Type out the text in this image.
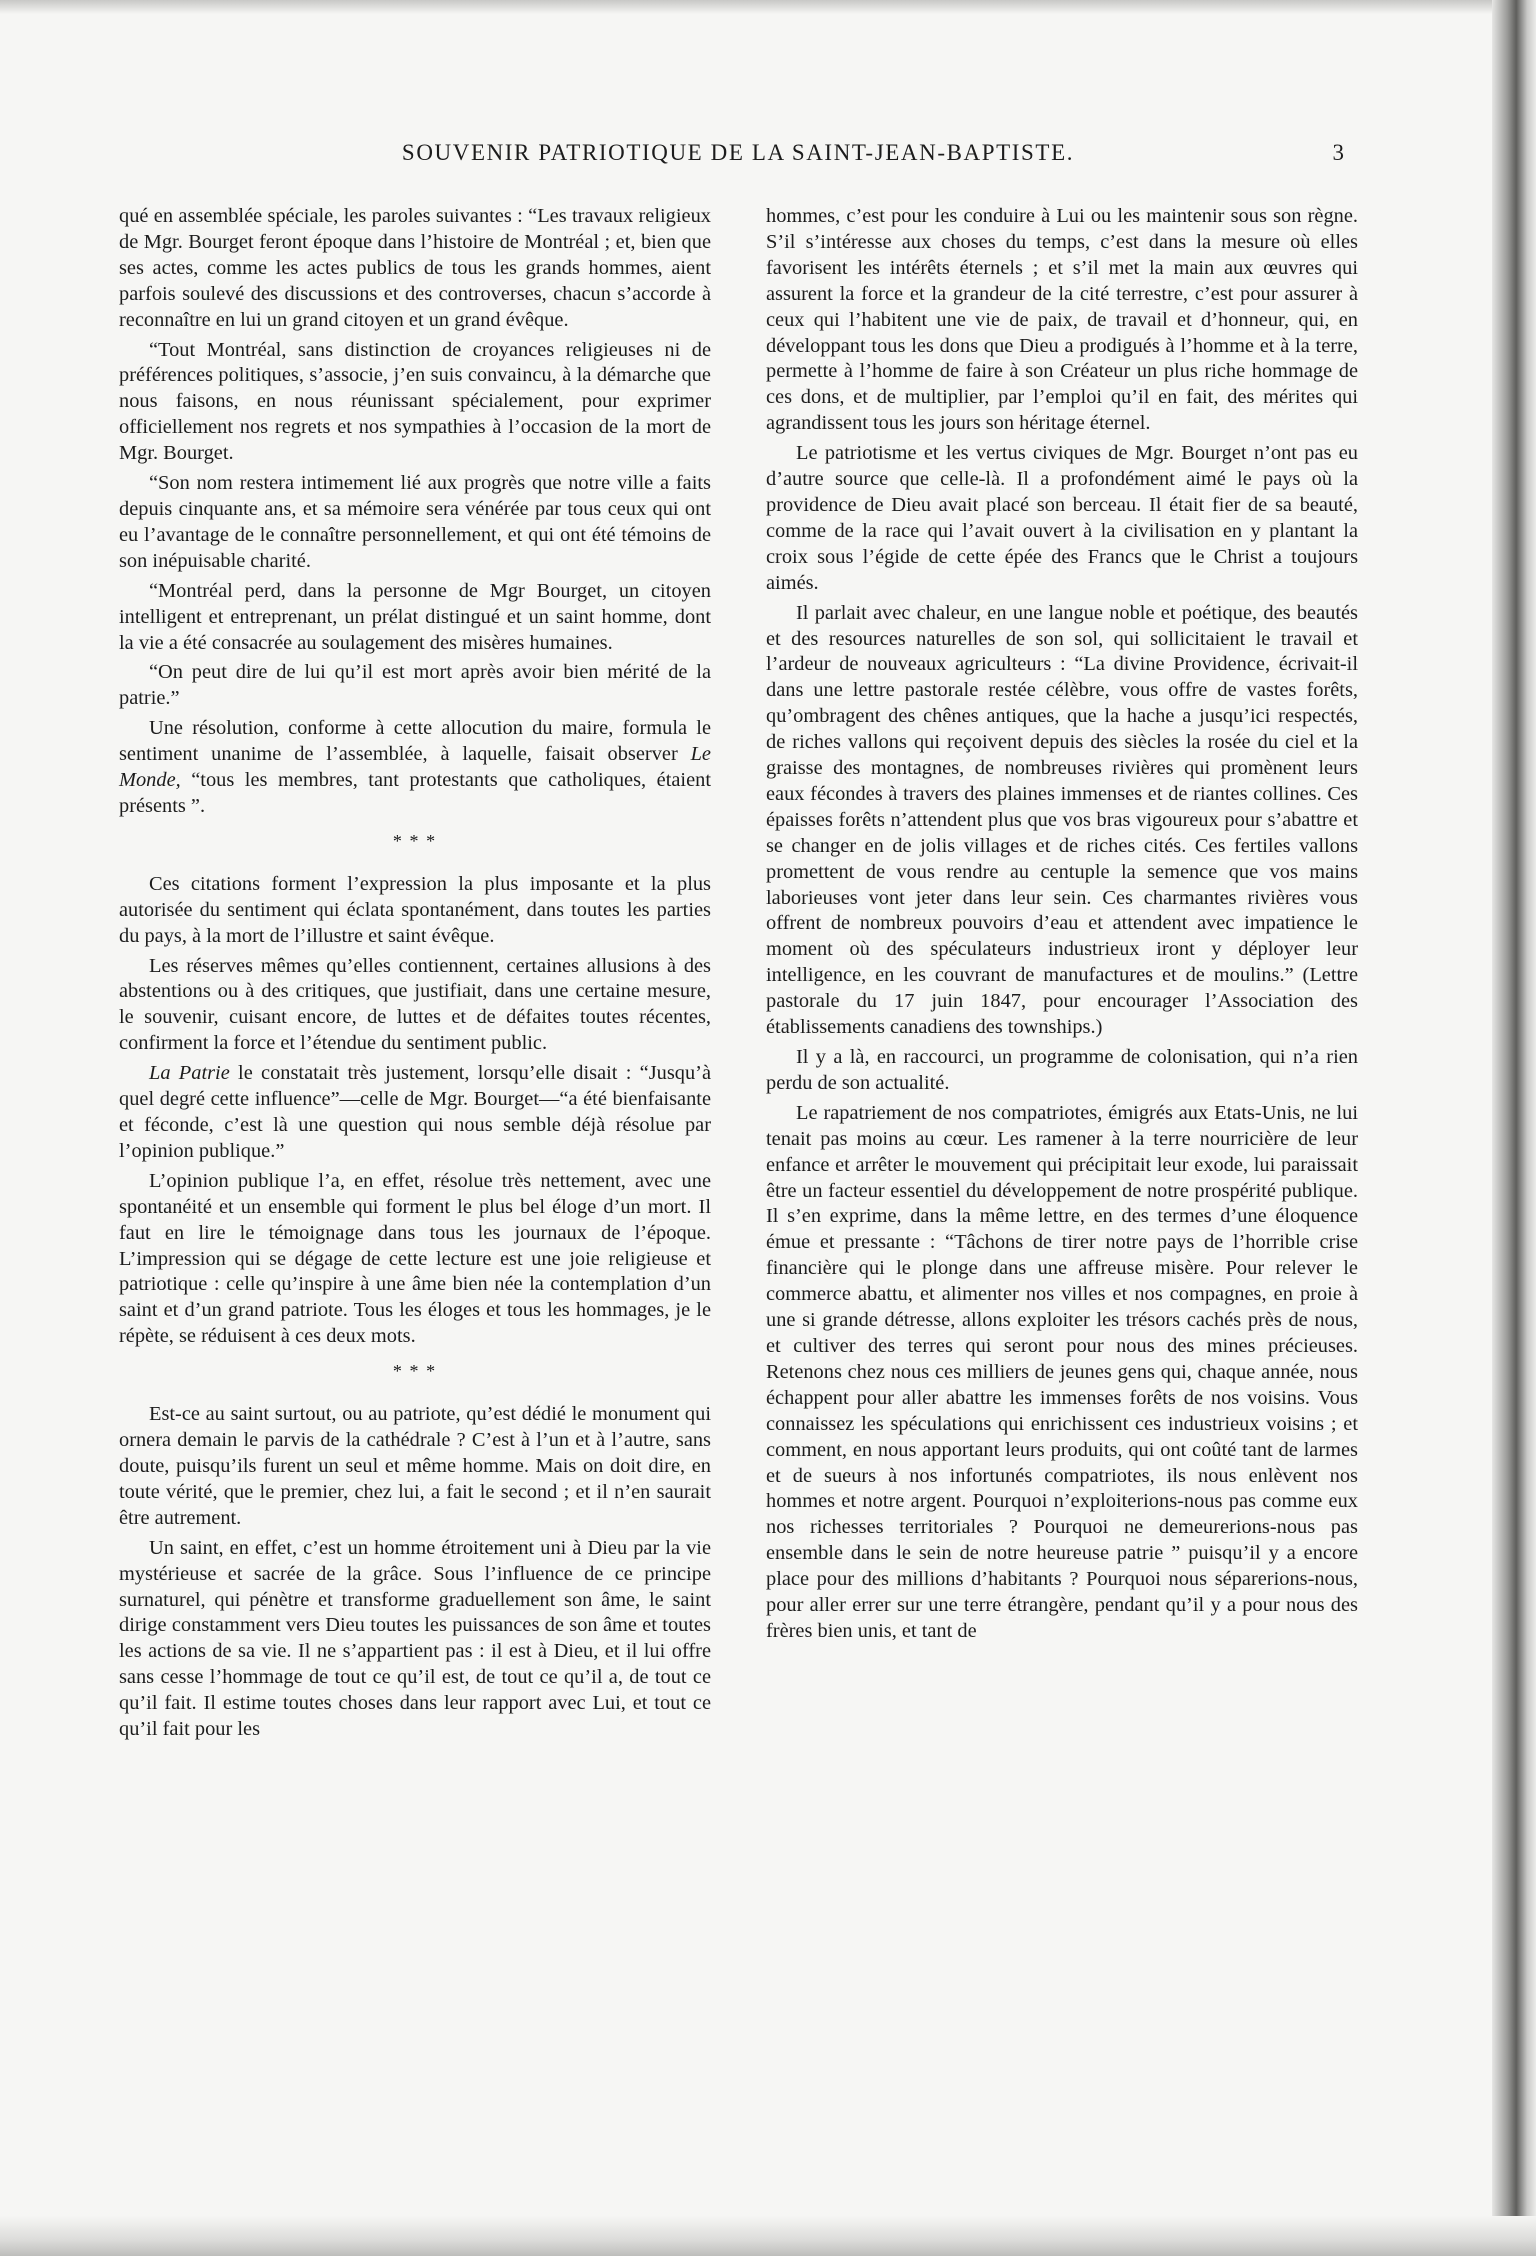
SOUVENIR PATRIOTIQUE DE LA SAINT-JEAN-BAPTISTE.	3

qué en assemblée spéciale, les paroles suivantes : “Les travaux religieux de Mgr. Bourget feront époque dans l’histoire de Montréal ; et, bien que ses actes, comme les actes publics de tous les grands hommes, aient parfois soulevé des discussions et des controverses, chacun s’accorde à reconnaître en lui un grand citoyen et un grand évêque.

“Tout Montréal, sans distinction de croyances religieuses ni de préférences politiques, s’associe, j’en suis convaincu, à la démarche que nous faisons, en nous réunissant spécialement, pour exprimer officiellement nos regrets et nos sympathies à l’occasion de la mort de Mgr. Bourget.

“Son nom restera intimement lié aux progrès que notre ville a faits depuis cinquante ans, et sa mémoire sera vénérée par tous ceux qui ont eu l’avantage de le connaître personnellement, et qui ont été témoins de son inépuisable charité.

“Montréal perd, dans la personne de Mgr Bourget, un citoyen intelligent et entreprenant, un prélat distingué et un saint homme, dont la vie a été consacrée au soulagement des misères humaines.

“On peut dire de lui qu’il est mort après avoir bien mérité de la patrie.”

Une résolution, conforme à cette allocution du maire, formula le sentiment unanime de l’assemblée, à laquelle, faisait observer Le Monde, “tous les membres, tant protestants que catholiques, étaient présents ”.

* * *

Ces citations forment l’expression la plus imposante et la plus autorisée du sentiment qui éclata spontanément, dans toutes les parties du pays, à la mort de l’illustre et saint évêque.

Les réserves mêmes qu’elles contiennent, certaines allusions à des abstentions ou à des critiques, que justifiait, dans une certaine mesure, le souvenir, cuisant encore, de luttes et de défaites toutes récentes, confirment la force et l’étendue du sentiment public.

La Patrie le constatait très justement, lorsqu’elle disait : “Jusqu’à quel degré cette influence”—celle de Mgr. Bourget—“a été bienfaisante et féconde, c’est là une question qui nous semble déjà résolue par l’opinion publique.”

L’opinion publique l’a, en effet, résolue très nettement, avec une spontanéité et un ensemble qui forment le plus bel éloge d’un mort. Il faut en lire le témoignage dans tous les journaux de l’époque. L’impression qui se dégage de cette lecture est une joie religieuse et patriotique : celle qu’inspire à une âme bien née la contemplation d’un saint et d’un grand patriote. Tous les éloges et tous les hommages, je le répète, se réduisent à ces deux mots.

* * *

Est-ce au saint surtout, ou au patriote, qu’est dédié le monument qui ornera demain le parvis de la cathédrale ? C’est à l’un et à l’autre, sans doute, puisqu’ils furent un seul et même homme. Mais on doit dire, en toute vérité, que le premier, chez lui, a fait le second ; et il n’en saurait être autrement.

Un saint, en effet, c’est un homme étroitement uni à Dieu par la vie mystérieuse et sacrée de la grâce. Sous l’influence de ce principe surnaturel, qui pénètre et transforme graduellement son âme, le saint dirige constamment vers Dieu toutes les puissances de son âme et toutes les actions de sa vie. Il ne s’appartient pas : il est à Dieu, et il lui offre sans cesse l’hommage de tout ce qu’il est, de tout ce qu’il a, de tout ce qu’il fait. Il estime toutes choses dans leur rapport avec Lui, et tout ce qu’il fait pour les

hommes, c’est pour les conduire à Lui ou les maintenir sous son règne. S’il s’intéresse aux choses du temps, c’est dans la mesure où elles favorisent les intérêts éternels ; et s’il met la main aux œuvres qui assurent la force et la grandeur de la cité terrestre, c’est pour assurer à ceux qui l’habitent une vie de paix, de travail et d’honneur, qui, en développant tous les dons que Dieu a prodigués à l’homme et à la terre, permette à l’homme de faire à son Créateur un plus riche hommage de ces dons, et de multiplier, par l’emploi qu’il en fait, des mérites qui agrandissent tous les jours son héritage éternel.

Le patriotisme et les vertus civiques de Mgr. Bourget n’ont pas eu d’autre source que celle-là. Il a profondément aimé le pays où la providence de Dieu avait placé son berceau. Il était fier de sa beauté, comme de la race qui l’avait ouvert à la civilisation en y plantant la croix sous l’égide de cette épée des Francs que le Christ a toujours aimés.

Il parlait avec chaleur, en une langue noble et poétique, des beautés et des resources naturelles de son sol, qui sollicitaient le travail et l’ardeur de nouveaux agriculteurs : “La divine Providence, écrivait-il dans une lettre pastorale restée célèbre, vous offre de vastes forêts, qu’ombragent des chênes antiques, que la hache a jusqu’ici respectés, de riches vallons qui reçoivent depuis des siècles la rosée du ciel et la graisse des montagnes, de nombreuses rivières qui promènent leurs eaux fécondes à travers des plaines immenses et de riantes collines. Ces épaisses forêts n’attendent plus que vos bras vigoureux pour s’abattre et se changer en de jolis villages et de riches cités. Ces fertiles vallons promettent de vous rendre au centuple la semence que vos mains laborieuses vont jeter dans leur sein. Ces charmantes rivières vous offrent de nombreux pouvoirs d’eau et attendent avec impatience le moment où des spéculateurs industrieux iront y déployer leur intelligence, en les couvrant de manufactures et de moulins.” (Lettre pastorale du 17 juin 1847, pour encourager l’Association des établissements canadiens des townships.)

Il y a là, en raccourci, un programme de colonisation, qui n’a rien perdu de son actualité.

Le rapatriement de nos compatriotes, émigrés aux Etats-Unis, ne lui tenait pas moins au cœur. Les ramener à la terre nourricière de leur enfance et arrêter le mouvement qui précipitait leur exode, lui paraissait être un facteur essentiel du développement de notre prospérité publique. Il s’en exprime, dans la même lettre, en des termes d’une éloquence émue et pressante : “Tâchons de tirer notre pays de l’horrible crise financière qui le plonge dans une affreuse misère. Pour relever le commerce abattu, et alimenter nos villes et nos compagnes, en proie à une si grande détresse, allons exploiter les trésors cachés près de nous, et cultiver des terres qui seront pour nous des mines précieuses. Retenons chez nous ces milliers de jeunes gens qui, chaque année, nous échappent pour aller abattre les immenses forêts de nos voisins. Vous connaissez les spéculations qui enrichissent ces industrieux voisins ; et comment, en nous apportant leurs produits, qui ont coûté tant de larmes et de sueurs à nos infortunés compatriotes, ils nous enlèvent nos hommes et notre argent. Pourquoi n’exploiterions-nous pas comme eux nos richesses territoriales ? Pourquoi ne demeurerions-nous pas ensemble dans le sein de notre heureuse patrie ” puisqu’il y a encore place pour des millions d’habitants ? Pourquoi nous séparerions-nous, pour aller errer sur une terre étrangère, pendant qu’il y a pour nous des frères bien unis, et tant de
